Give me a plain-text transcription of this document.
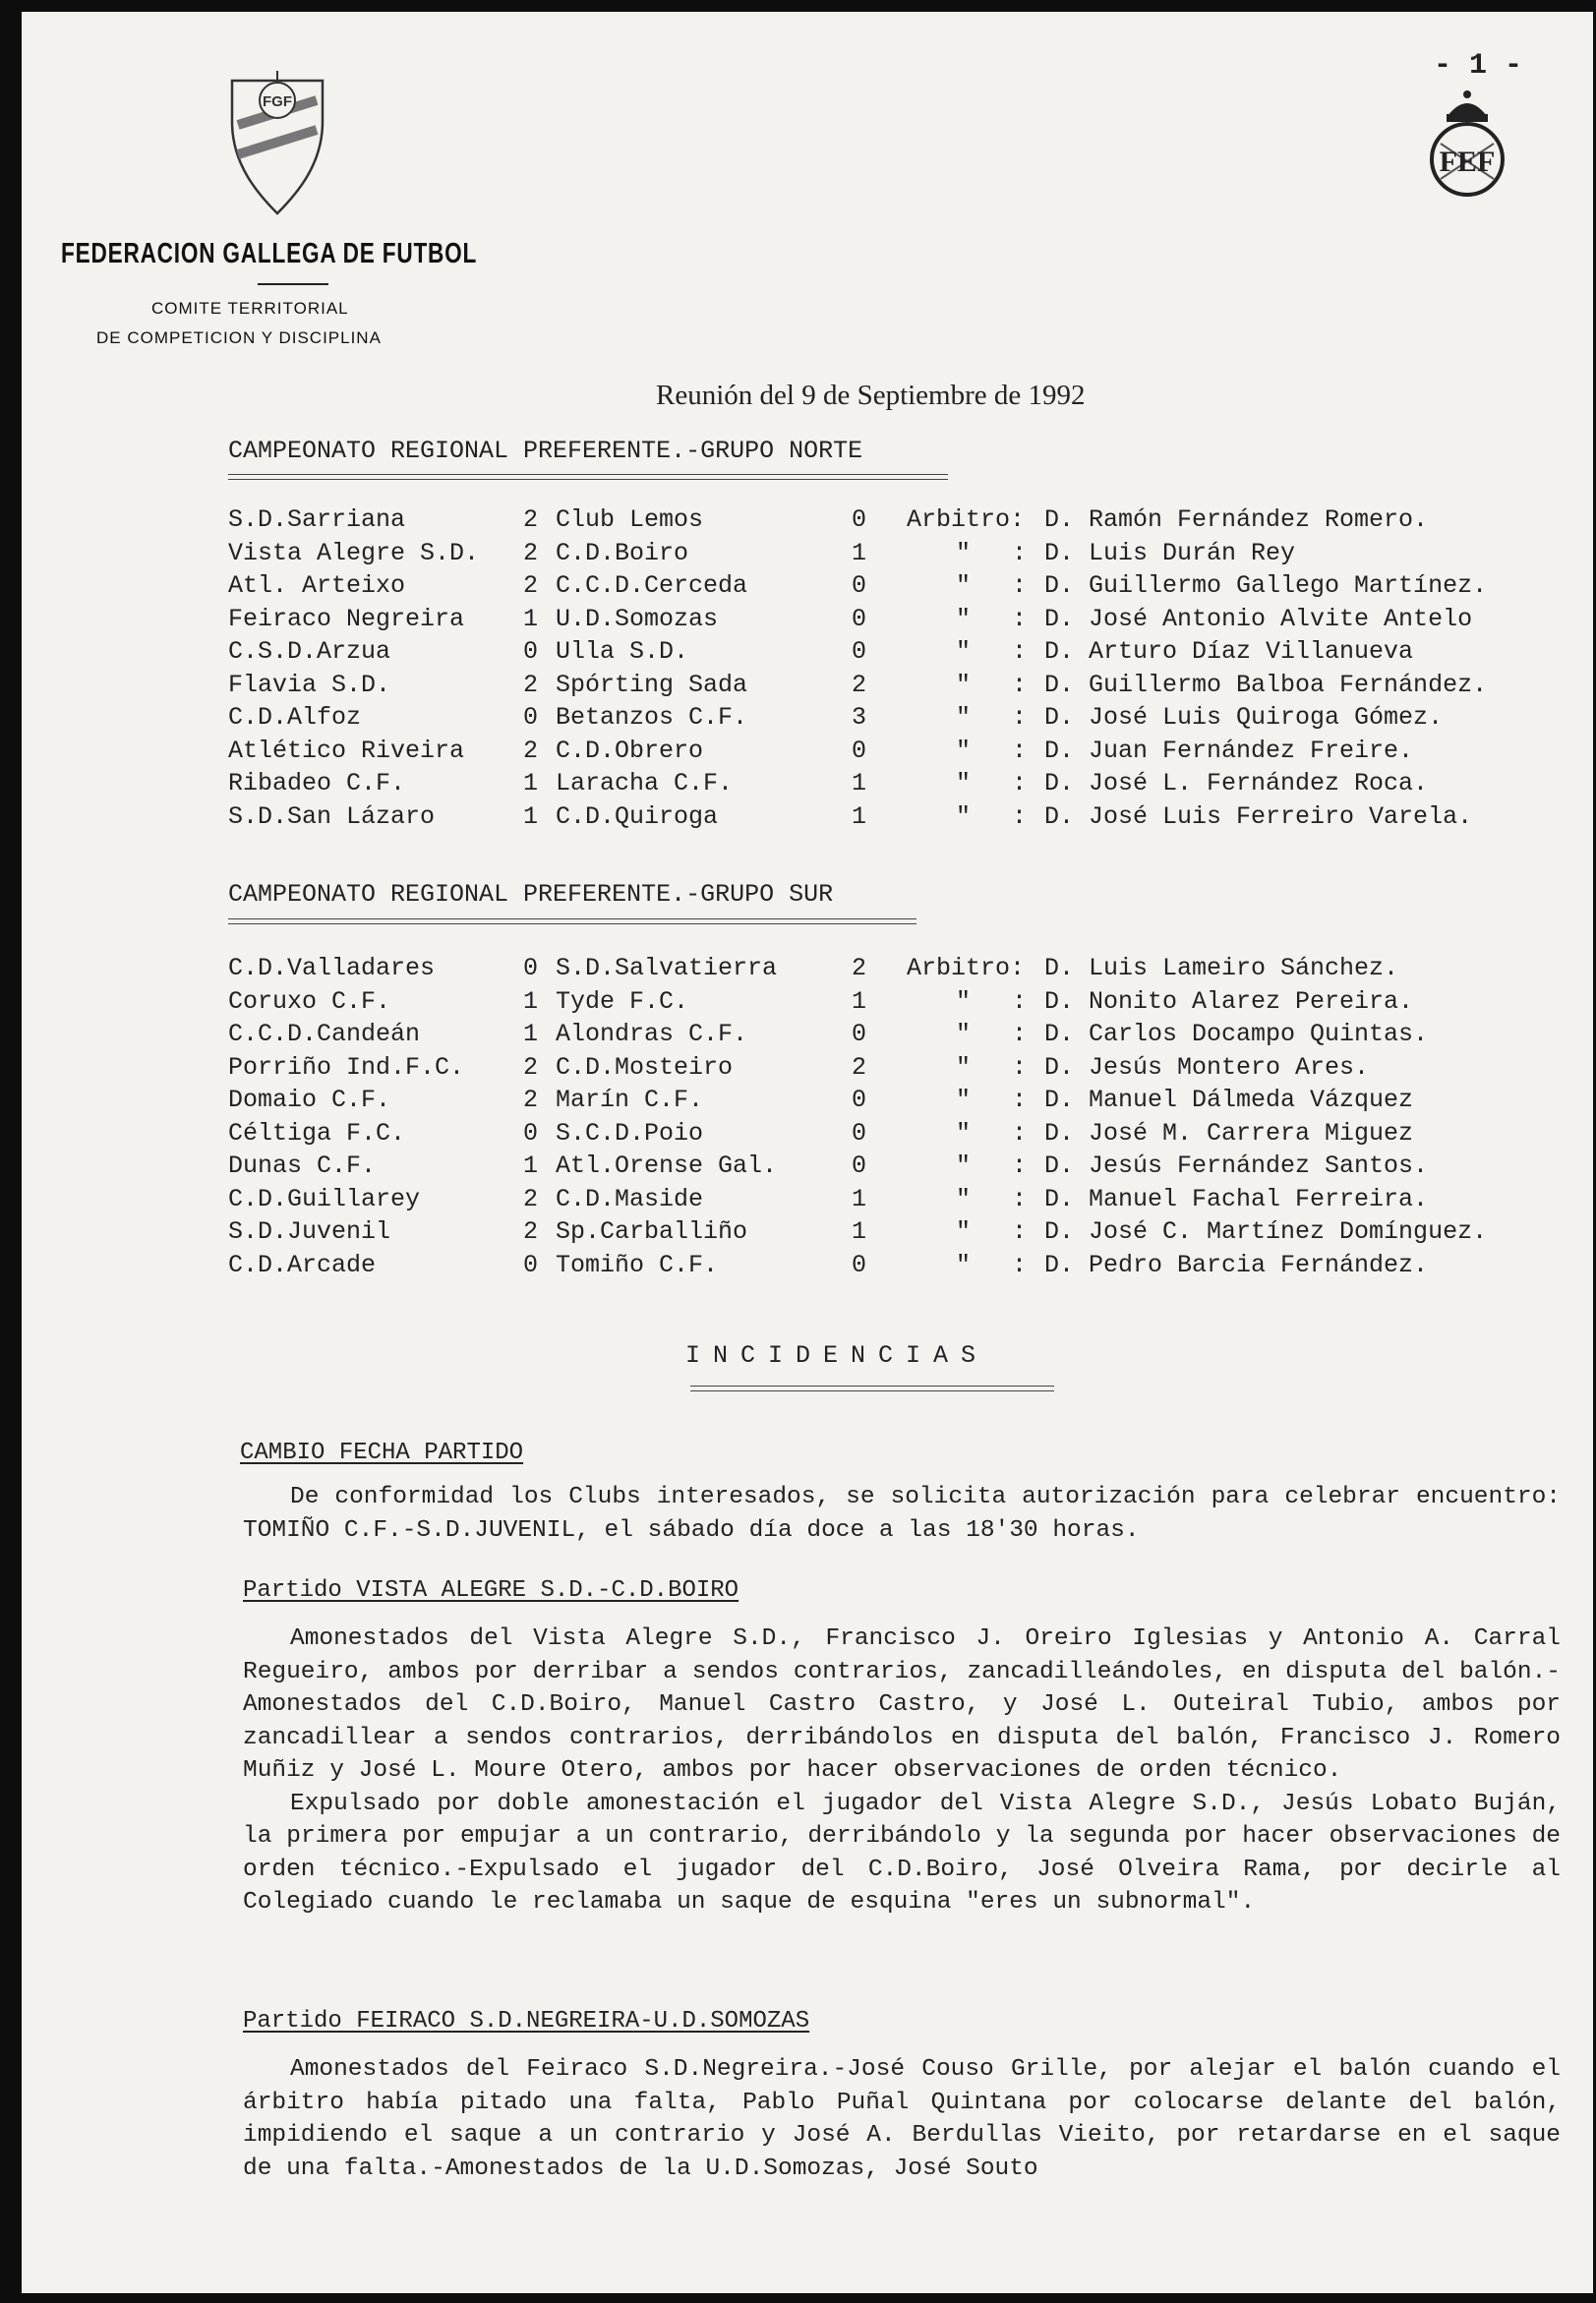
FGF
FEDERACION GALLEGA DE FUTBOL
COMITE TERRITORIAL
DE COMPETICION Y DISCIPLINA
- 1 -
FEF
Reunión del 9 de Septiembre de 1992
CAMPEONATO REGIONAL PREFERENTE.-GRUPO NORTE
S.D.Sarriana	2 Club Lemos	0 Arbitro: D. Ramón Fernández Romero.
Vista Alegre S.D. 2 C.D.Boiro	1	" : D. Luis Durán Rey
Atl. Arteixo	2 C.C.D.Cerceda	0	" : D. Guillermo Gallego Martínez.
Feiraco Negreira 1 U.D.Somozas	0	" : D. José Antonio Alvite Antelo
C.S.D.Arzua	0 Ulla S.D.	0	" : D. Arturo Díaz Villanueva
Flavia S.D.	2 Spórting Sada	2	" : D. Guillermo Balboa Fernández.
C.D.Alfoz	0 Betanzos C.F.	3	" : D. José Luis Quiroga Gómez.
Atlético Riveira 2 C.D.Obrero	0	" : D. Juan Fernández Freire.
Ribadeo C.F.	1 Laracha C.F.	1	" : D. José L. Fernández Roca.
S.D.San Lázaro	1 C.D.Quiroga	1	" : D. José Luis Ferreiro Varela.
CAMPEONATO REGIONAL PREFERENTE.-GRUPO SUR
C.D.Valladares	0 S.D.Salvatierra	2 Arbitro: D. Luis Lameiro Sánchez.
Coruxo C.F.	1 Tyde F.C.	1	" : D. Nonito Alarez Pereira.
C.C.D.Candeán	1 Alondras C.F.	0	" : D. Carlos Docampo Quintas.
Porriño Ind.F.C. 2 C.D.Mosteiro	2	" : D. Jesús Montero Ares.
Domaio C.F.	2 Marín C.F.	0	" : D. Manuel Dálmeda Vázquez
Céltiga F.C.	0 S.C.D.Poio	0	" : D. José M. Carrera Miguez
Dunas C.F.	1 Atl.Orense Gal.	0	" : D. Jesús Fernández Santos.
C.D.Guillarey	2 C.D.Maside	1	" : D. Manuel Fachal Ferreira.
S.D.Juvenil	2 Sp.Carballiño	1	" : D. José C. Martínez Domínguez.
C.D.Arcade	0 Tomiño C.F.	0	" : D. Pedro Barcia Fernández.
INCIDENCIAS
CAMBIO FECHA PARTIDO

De conformidad los Clubs interesados, se solicita autorización para celebrar encuentro: TOMIÑO C.F.-S.D.JUVENIL, el sábado día doce a las 18'30 horas.

Partido VISTA ALEGRE S.D.-C.D.BOIRO

Amonestados del Vista Alegre S.D., Francisco J. Oreiro Iglesias y Antonio A. Carral Regueiro, ambos por derribar a sendos contrarios, zancadilleándoles, en disputa del balón.-Amonestados del C.D.Boiro, Manuel Castro Castro, y José L. Outeiral Tubio, ambos por zancadillear a sendos contrarios, derribándolos en disputa del balón, Francisco J. Romero Muñiz y José L. Moure Otero, ambos por hacer observaciones de orden técnico.

Expulsado por doble amonestación el jugador del Vista Alegre S.D., Jesús Lobato Buján, la primera por empujar a un contrario, derribándolo y la segunda por hacer observaciones de orden técnico.-Expulsado el jugador del C.D.Boiro, José Olveira Rama, por decirle al Colegiado cuando le reclamaba un saque de esquina "eres un subnormal".

Partido FEIRACO S.D.NEGREIRA-U.D.SOMOZAS

Amonestados del Feiraco S.D.Negreira.-José Couso Grille, por alejar el balón cuando el árbitro había pitado una falta, Pablo Puñal Quintana por colocarse delante del balón, impidiendo el saque a un contrario y José A. Berdullas Vieito, por retardarse en el saque de una falta.-Amonestados de la U.D.Somozas, José Souto
